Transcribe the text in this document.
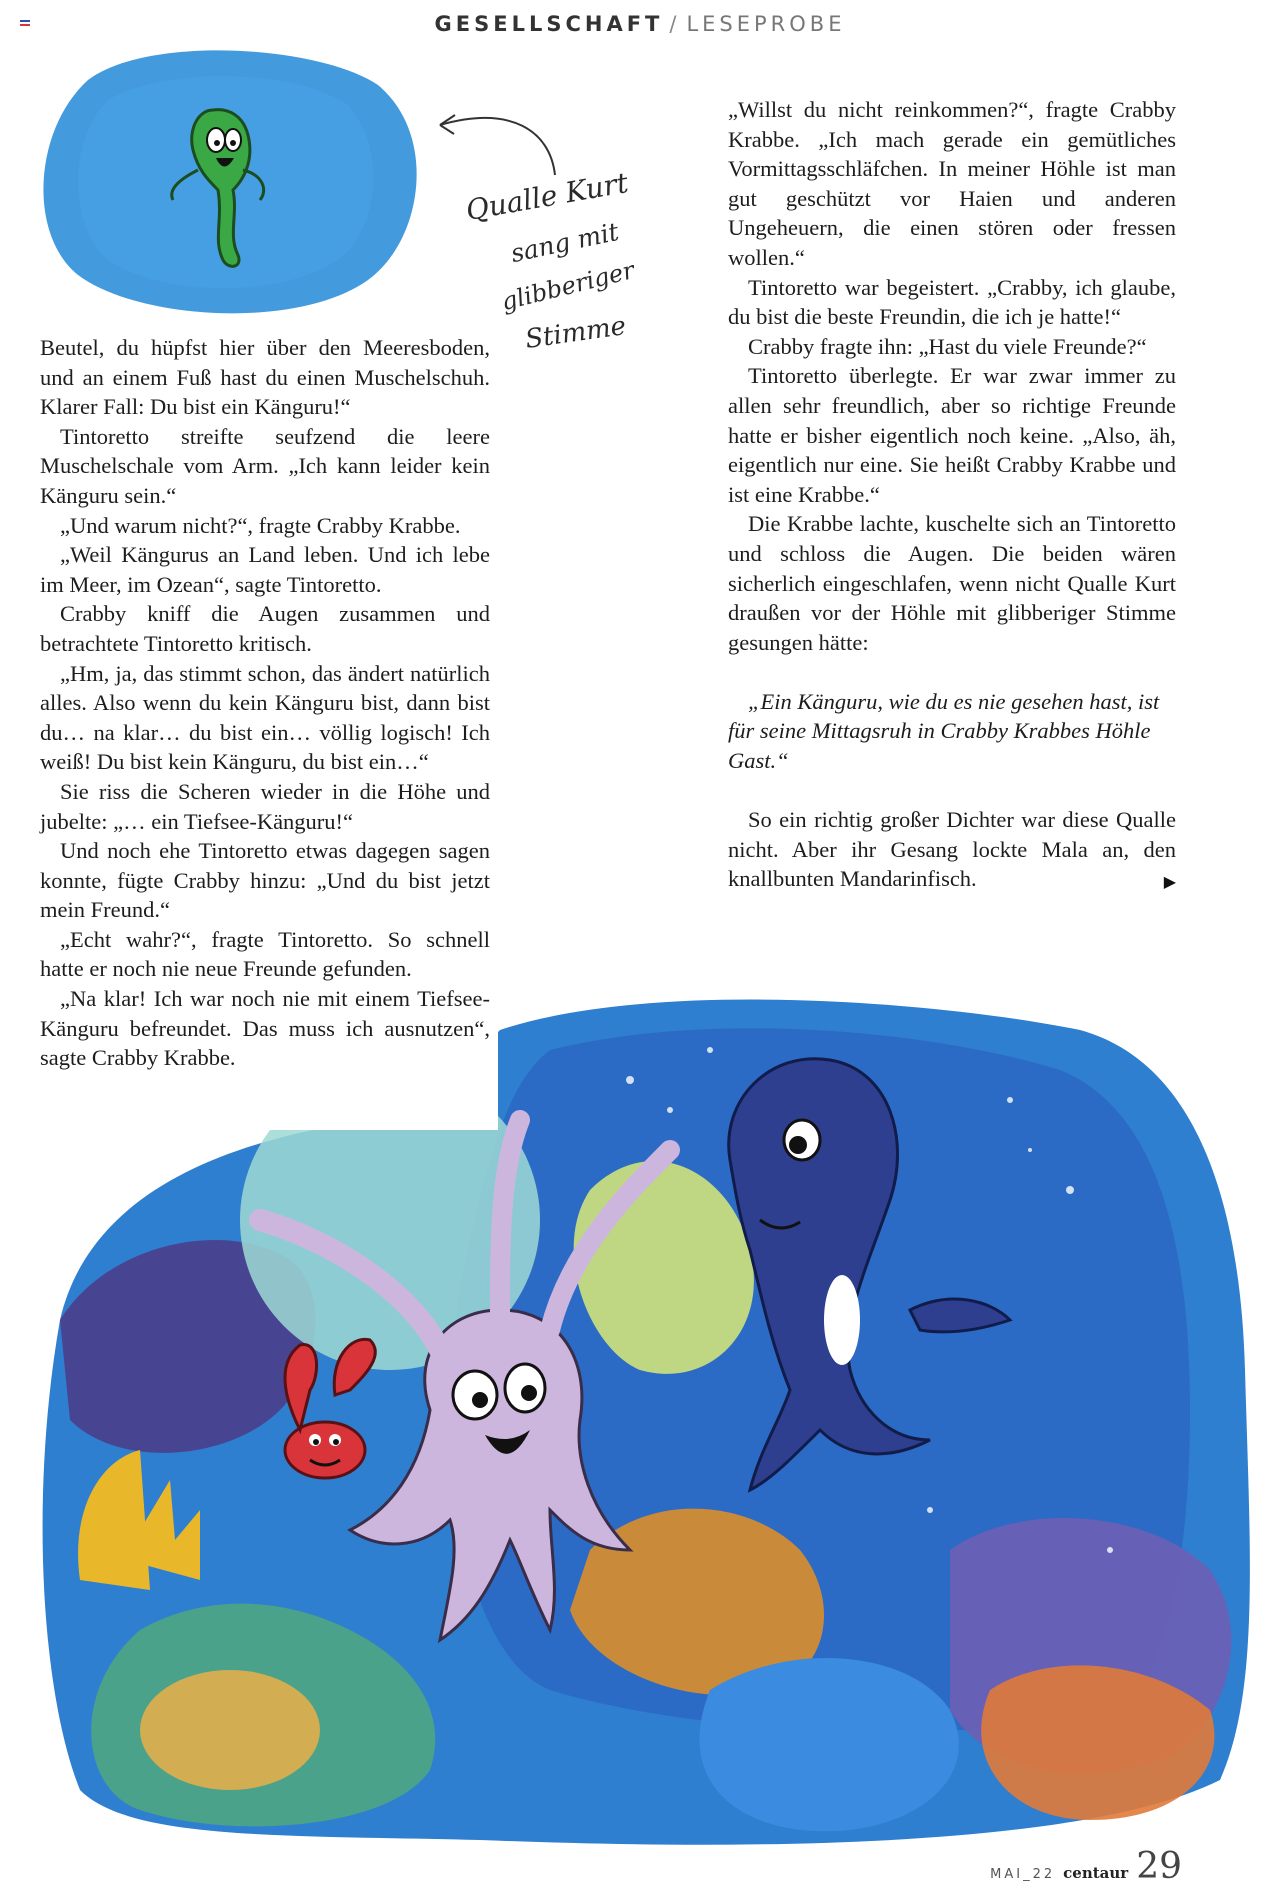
GESELLSCHAFT / LESEPROBE
Qualle Kurt
sang mit
glibberiger
Stimme

Beutel, du hüpfst hier über den Meeresboden, und an einem Fuß hast du einen Muschelschuh. Klarer Fall: Du bist ein Känguru!“

Tintoretto streifte seufzend die leere Muschelschale vom Arm. „Ich kann leider kein Känguru sein.“

„Und warum nicht?“, fragte Crabby Krabbe.

„Weil Kängurus an Land leben. Und ich lebe im Meer, im Ozean“, sagte Tintoretto.

Crabby kniff die Augen zusammen und betrachtete Tintoretto kritisch.

„Hm, ja, das stimmt schon, das ändert natürlich alles. Also wenn du kein Känguru bist, dann bist du… na klar… du bist ein… völlig logisch! Ich weiß! Du bist kein Känguru, du bist ein…“

Sie riss die Scheren wieder in die Höhe und jubelte: „… ein Tiefsee-Känguru!“

Und noch ehe Tintoretto etwas dagegen sagen konnte, fügte Crabby hinzu: „Und du bist jetzt mein Freund.“

„Echt wahr?“, fragte Tintoretto. So schnell hatte er noch nie neue Freunde gefunden.

„Na klar! Ich war noch nie mit einem Tiefsee-Känguru befreundet. Das muss ich ausnutzen“, sagte Crabby Krabbe.

„Willst du nicht reinkommen?“, fragte Crabby Krabbe. „Ich mach gerade ein gemütliches Vormittagsschläfchen. In meiner Höhle ist man gut geschützt vor Haien und anderen Ungeheuern, die einen stören oder fressen wollen.“

Tintoretto war begeistert. „Crabby, ich glaube, du bist die beste Freundin, die ich je hatte!“

Crabby fragte ihn: „Hast du viele Freunde?“

Tintoretto überlegte. Er war zwar immer zu allen sehr freundlich, aber so richtige Freunde hatte er bisher eigentlich noch keine. „Also, äh, eigentlich nur eine. Sie heißt Crabby Krabbe und ist eine Krabbe.“

Die Krabbe lachte, kuschelte sich an Tintoretto und schloss die Augen. Die beiden wären sicherlich eingeschlafen, wenn nicht Qualle Kurt draußen vor der Höhle mit glibberiger Stimme gesungen hätte:

„Ein Känguru, wie du es nie gesehen hast, ist für seine Mittagsruh in Crabby Krabbes Höhle Gast.“

So ein richtig großer Dichter war diese Qualle nicht. Aber ihr Gesang lockte Mala an, den knallbunten Mandarinfisch.	▶

MAI_22 centaur 29
